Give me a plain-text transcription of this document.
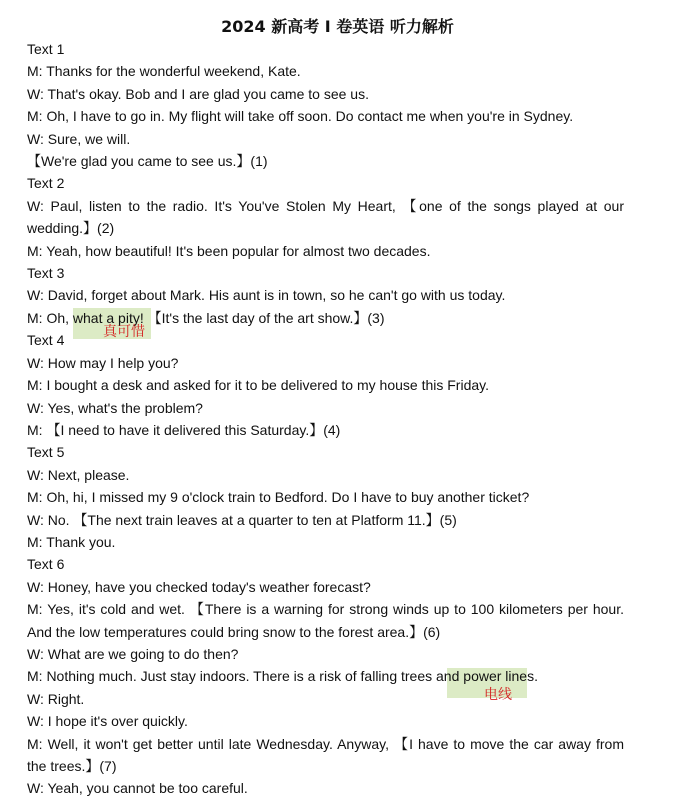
2024 新高考 I 卷英语 听力解析
Text 1
M: Thanks for the wonderful weekend, Kate.
W: That's okay. Bob and I are glad you came to see us.
M: Oh, I have to go in. My flight will take off soon. Do contact me when you're in Sydney.
W: Sure, we will.
【We're glad you came to see us.】(1)
Text 2
W: Paul, listen to the radio. It's You've Stolen My Heart, 【one of the songs played at our wedding.】(2)
M: Yeah, how beautiful! It's been popular for almost two decades.
Text 3
W: David, forget about Mark. His aunt is in town, so he can't go with us today.
M: Oh, what a pity! 【It's the last day of the art show.】(3)
Text 4
W: How may I help you?
M: I bought a desk and asked for it to be delivered to my house this Friday.
W: Yes, what's the problem?
M: 【I need to have it delivered this Saturday.】(4)
Text 5
W: Next, please.
M: Oh, hi, I missed my 9 o'clock train to Bedford. Do I have to buy another ticket?
W: No. 【The next train leaves at a quarter to ten at Platform 11.】(5)
M: Thank you.
Text 6
W: Honey, have you checked today's weather forecast?
M: Yes, it's cold and wet. 【There is a warning for strong winds up to 100 kilometers per hour. And the low temperatures could bring snow to the forest area.】(6)
W: What are we going to do then?
M: Nothing much. Just stay indoors. There is a risk of falling trees and power lines.
W: Right.
W: I hope it's over quickly.
M: Well, it won't get better until late Wednesday. Anyway, 【I have to move the car away from the trees.】(7)
W: Yeah, you cannot be too careful.
真可惜
电线
